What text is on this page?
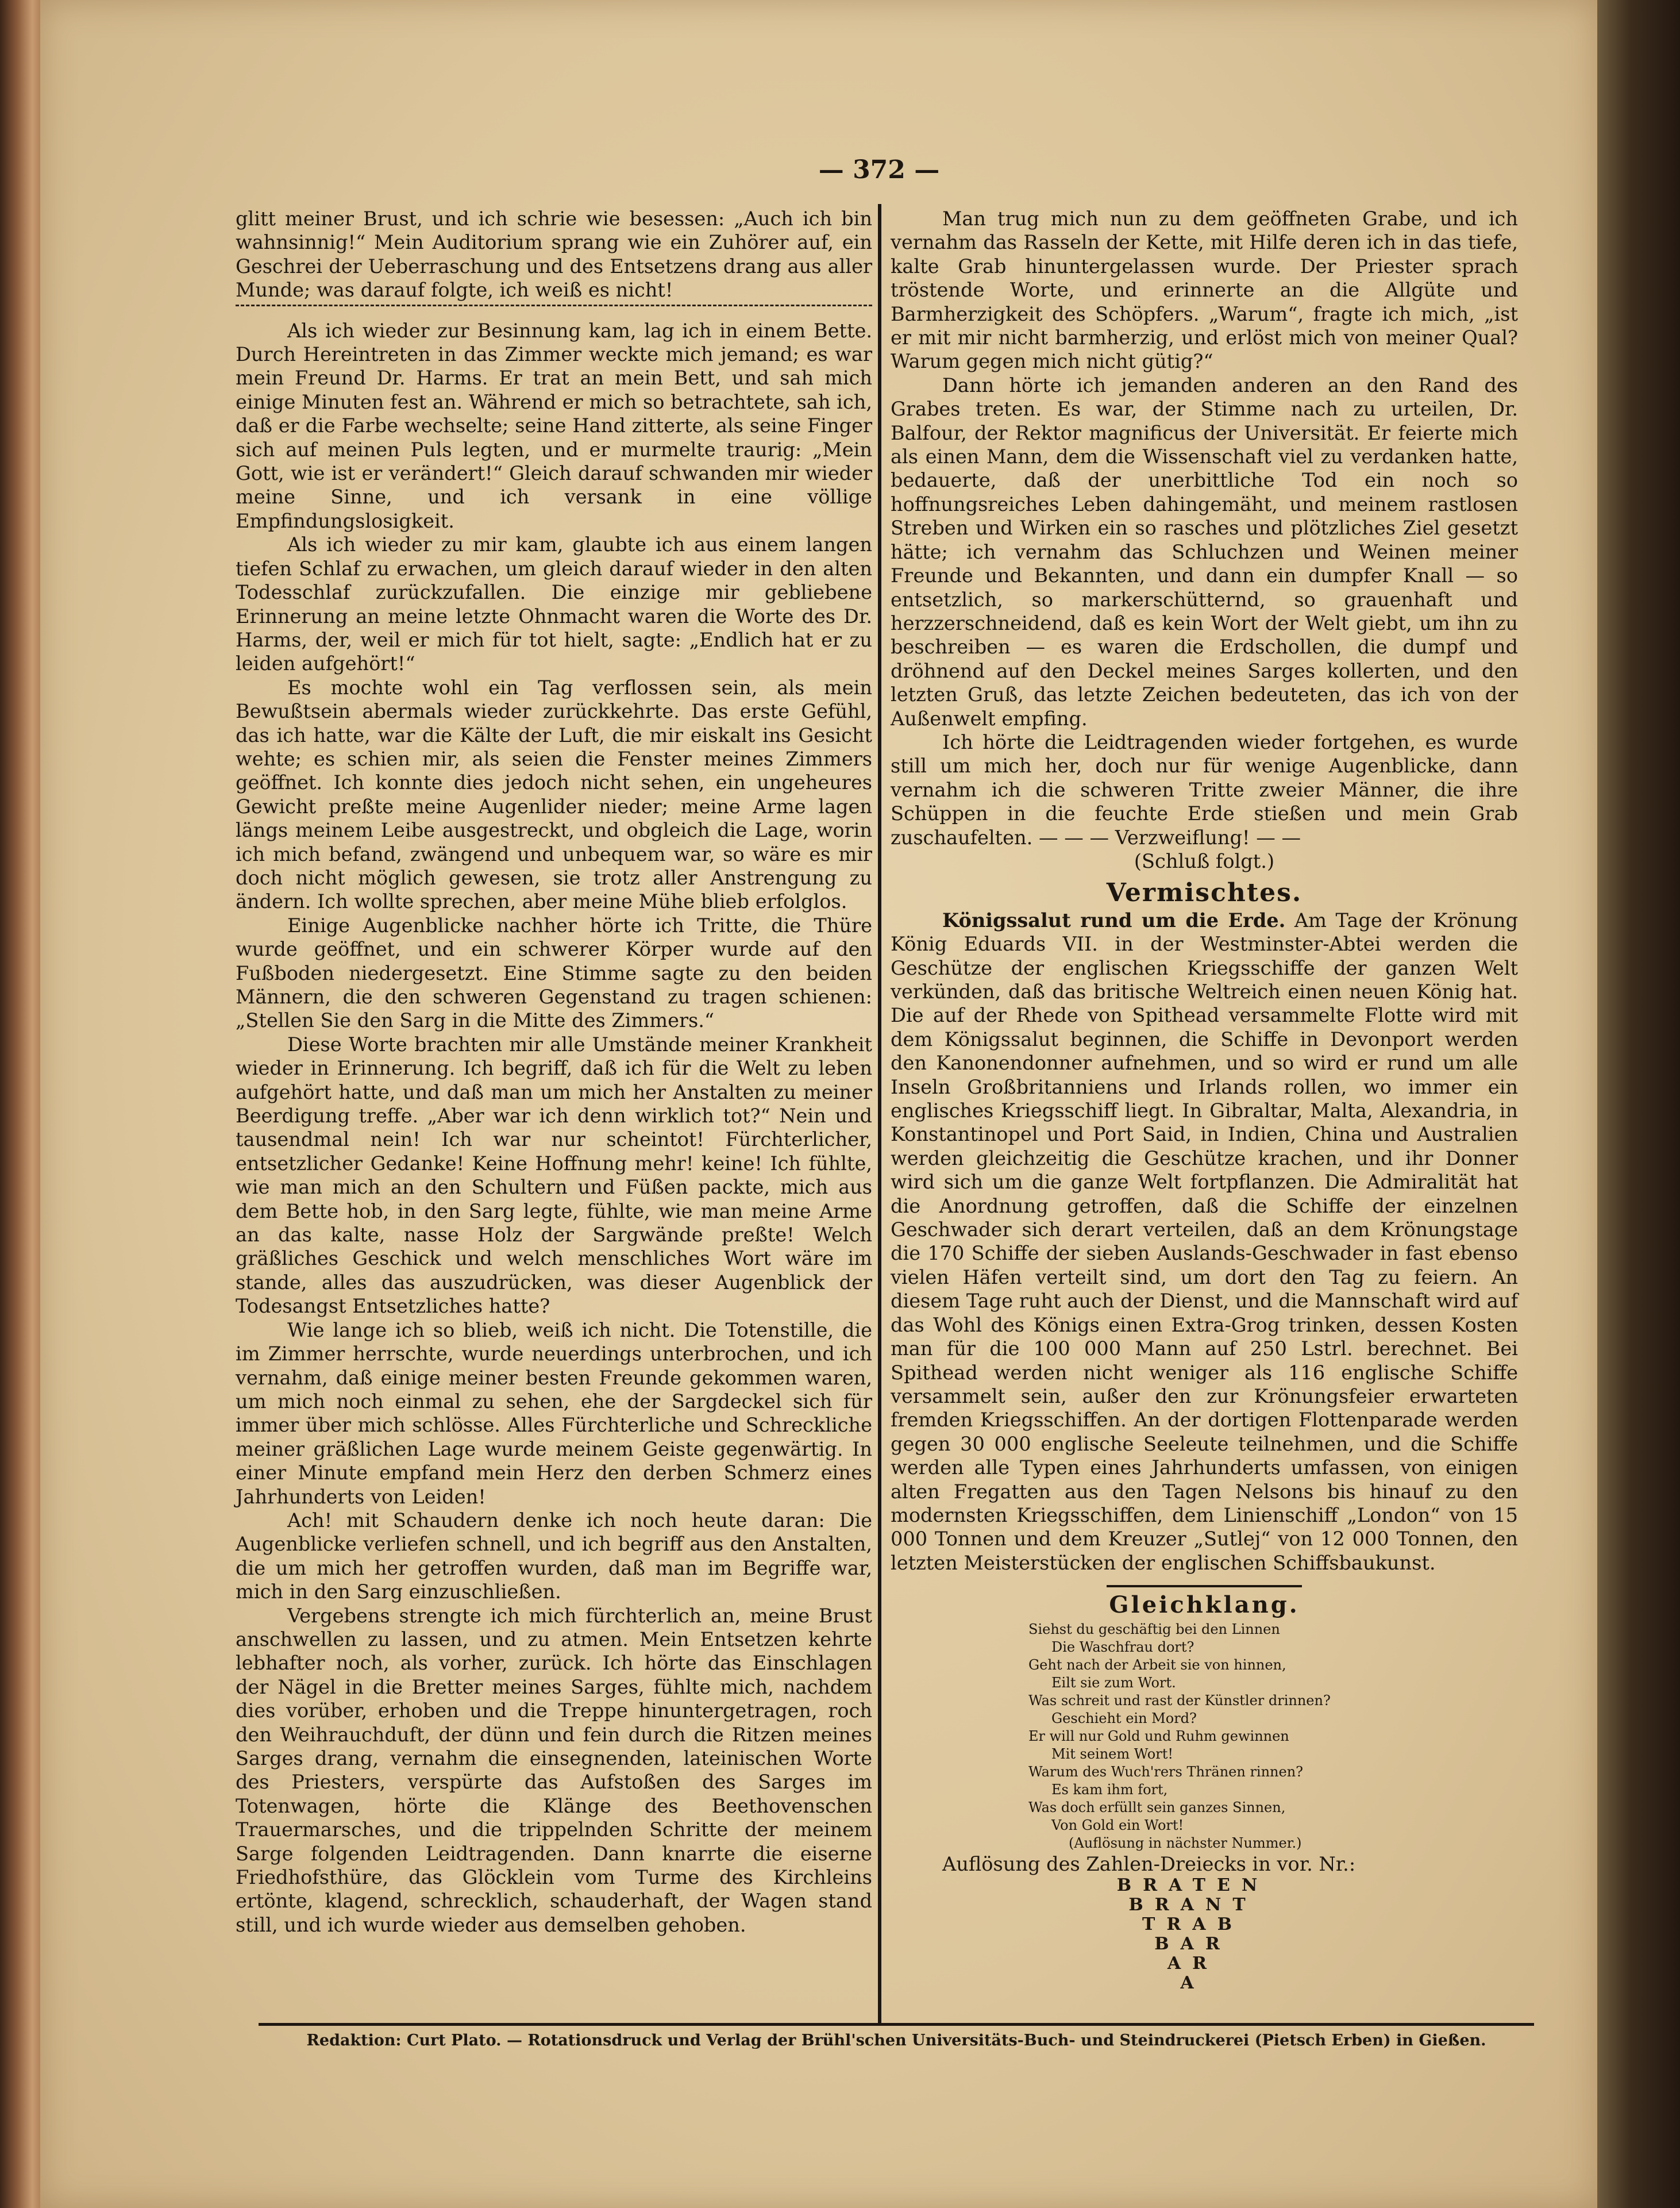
— 372 —

glitt meiner Brust, und ich schrie wie besessen: „Auch ich bin wahnsinnig!“ Mein Auditorium sprang wie ein Zuhörer auf, ein Geschrei der Ueberraschung und des Entsetzens drang aus aller Munde; was darauf folgte, ich weiß es nicht!

Als ich wieder zur Besinnung kam, lag ich in einem Bette. Durch Hereintreten in das Zimmer weckte mich jemand; es war mein Freund Dr. Harms. Er trat an mein Bett, und sah mich einige Minuten fest an. Während er mich so betrachtete, sah ich, daß er die Farbe wechselte; seine Hand zitterte, als seine Finger sich auf meinen Puls legten, und er murmelte traurig: „Mein Gott, wie ist er verändert!“ Gleich darauf schwanden mir wieder meine Sinne, und ich versank in eine völlige Empfindungslosigkeit.

Als ich wieder zu mir kam, glaubte ich aus einem langen tiefen Schlaf zu erwachen, um gleich darauf wieder in den alten Todesschlaf zurückzufallen. Die einzige mir gebliebene Erinnerung an meine letzte Ohnmacht waren die Worte des Dr. Harms, der, weil er mich für tot hielt, sagte: „Endlich hat er zu leiden aufgehört!“

Es mochte wohl ein Tag verflossen sein, als mein Bewußtsein abermals wieder zurückkehrte. Das erste Gefühl, das ich hatte, war die Kälte der Luft, die mir eiskalt ins Gesicht wehte; es schien mir, als seien die Fenster meines Zimmers geöffnet. Ich konnte dies jedoch nicht sehen, ein ungeheures Gewicht preßte meine Augenlider nieder; meine Arme lagen längs meinem Leibe ausgestreckt, und obgleich die Lage, worin ich mich befand, zwängend und unbequem war, so wäre es mir doch nicht möglich gewesen, sie trotz aller Anstrengung zu ändern. Ich wollte sprechen, aber meine Mühe blieb erfolglos.

Einige Augenblicke nachher hörte ich Tritte, die Thüre wurde geöffnet, und ein schwerer Körper wurde auf den Fußboden niedergesetzt. Eine Stimme sagte zu den beiden Männern, die den schweren Gegenstand zu tragen schienen: „Stellen Sie den Sarg in die Mitte des Zimmers.“

Diese Worte brachten mir alle Umstände meiner Krankheit wieder in Erinnerung. Ich begriff, daß ich für die Welt zu leben aufgehört hatte, und daß man um mich her Anstalten zu meiner Beerdigung treffe. „Aber war ich denn wirklich tot?“ Nein und tausendmal nein! Ich war nur scheintot! Fürchterlicher, entsetzlicher Gedanke! Keine Hoffnung mehr! keine! Ich fühlte, wie man mich an den Schultern und Füßen packte, mich aus dem Bette hob, in den Sarg legte, fühlte, wie man meine Arme an das kalte, nasse Holz der Sargwände preßte! Welch gräßliches Geschick und welch menschliches Wort wäre im stande, alles das auszudrücken, was dieser Augenblick der Todesangst Entsetzliches hatte?

Wie lange ich so blieb, weiß ich nicht. Die Totenstille, die im Zimmer herrschte, wurde neuerdings unterbrochen, und ich vernahm, daß einige meiner besten Freunde gekommen waren, um mich noch einmal zu sehen, ehe der Sargdeckel sich für immer über mich schlösse. Alles Fürchterliche und Schreckliche meiner gräßlichen Lage wurde meinem Geiste gegenwärtig. In einer Minute empfand mein Herz den derben Schmerz eines Jahrhunderts von Leiden!

Ach! mit Schaudern denke ich noch heute daran: Die Augenblicke verliefen schnell, und ich begriff aus den Anstalten, die um mich her getroffen wurden, daß man im Begriffe war, mich in den Sarg einzuschließen.

Vergebens strengte ich mich fürchterlich an, meine Brust anschwellen zu lassen, und zu atmen. Mein Entsetzen kehrte lebhafter noch, als vorher, zurück. Ich hörte das Einschlagen der Nägel in die Bretter meines Sarges, fühlte mich, nachdem dies vorüber, erhoben und die Treppe hinuntergetragen, roch den Weihrauchduft, der dünn und fein durch die Ritzen meines Sarges drang, vernahm die einsegnenden, lateinischen Worte des Priesters, verspürte das Aufstoßen des Sarges im Totenwagen, hörte die Klänge des Beethovenschen Trauermarsches, und die trippelnden Schritte der meinem Sarge folgenden Leidtragenden. Dann knarrte die eiserne Friedhofsthüre, das Glöcklein vom Turme des Kirchleins ertönte, klagend, schrecklich, schauderhaft, der Wagen stand still, und ich wurde wieder aus demselben gehoben.

Man trug mich nun zu dem geöffneten Grabe, und ich vernahm das Rasseln der Kette, mit Hilfe deren ich in das tiefe, kalte Grab hinuntergelassen wurde. Der Priester sprach tröstende Worte, und erinnerte an die Allgüte und Barmherzigkeit des Schöpfers. „Warum“, fragte ich mich, „ist er mit mir nicht barmherzig, und erlöst mich von meiner Qual? Warum gegen mich nicht gütig?“

Dann hörte ich jemanden anderen an den Rand des Grabes treten. Es war, der Stimme nach zu urteilen, Dr. Balfour, der Rektor magnificus der Universität. Er feierte mich als einen Mann, dem die Wissenschaft viel zu verdanken hatte, bedauerte, daß der unerbittliche Tod ein noch so hoffnungsreiches Leben dahingemäht, und meinem rastlosen Streben und Wirken ein so rasches und plötzliches Ziel gesetzt hätte; ich vernahm das Schluchzen und Weinen meiner Freunde und Bekannten, und dann ein dumpfer Knall — so entsetzlich, so markerschütternd, so grauenhaft und herzzerschneidend, daß es kein Wort der Welt giebt, um ihn zu beschreiben — es waren die Erdschollen, die dumpf und dröhnend auf den Deckel meines Sarges kollerten, und den letzten Gruß, das letzte Zeichen bedeuteten, das ich von der Außenwelt empfing.

Ich hörte die Leidtragenden wieder fortgehen, es wurde still um mich her, doch nur für wenige Augenblicke, dann vernahm ich die schweren Tritte zweier Männer, die ihre Schüppen in die feuchte Erde stießen und mein Grab zuschaufelten. — — — Verzweiflung! — —

(Schluß folgt.)

Vermischtes.

Königssalut rund um die Erde. Am Tage der Krönung König Eduards VII. in der Westminster-Abtei werden die Geschütze der englischen Kriegsschiffe der ganzen Welt verkünden, daß das britische Weltreich einen neuen König hat. Die auf der Rhede von Spithead versammelte Flotte wird mit dem Königssalut beginnen, die Schiffe in Devonport werden den Kanonendonner aufnehmen, und so wird er rund um alle Inseln Großbritanniens und Irlands rollen, wo immer ein englisches Kriegsschiff liegt. In Gibraltar, Malta, Alexandria, in Konstantinopel und Port Said, in Indien, China und Australien werden gleichzeitig die Geschütze krachen, und ihr Donner wird sich um die ganze Welt fortpflanzen. Die Admiralität hat die Anordnung getroffen, daß die Schiffe der einzelnen Geschwader sich derart verteilen, daß an dem Krönungstage die 170 Schiffe der sieben Auslands-Geschwader in fast ebenso vielen Häfen verteilt sind, um dort den Tag zu feiern. An diesem Tage ruht auch der Dienst, und die Mannschaft wird auf das Wohl des Königs einen Extra-Grog trinken, dessen Kosten man für die 100 000 Mann auf 250 Lstrl. berechnet. Bei Spithead werden nicht weniger als 116 englische Schiffe versammelt sein, außer den zur Krönungsfeier erwarteten fremden Kriegsschiffen. An der dortigen Flottenparade werden gegen 30 000 englische Seeleute teilnehmen, und die Schiffe werden alle Typen eines Jahrhunderts umfassen, von einigen alten Fregatten aus den Tagen Nelsons bis hinauf zu den modernsten Kriegsschiffen, dem Linienschiff „London“ von 15 000 Tonnen und dem Kreuzer „Sutlej“ von 12 000 Tonnen, den letzten Meisterstücken der englischen Schiffsbaukunst.

Gleichklang.
Siehst du geschäftig bei den Linnen
Die Waschfrau dort?
Geht nach der Arbeit sie von hinnen,
Eilt sie zum Wort.
Was schreit und rast der Künstler drinnen?
Geschieht ein Mord?
Er will nur Gold und Ruhm gewinnen
Mit seinem Wort!
Warum des Wuch'rers Thränen rinnen?
Es kam ihm fort,
Was doch erfüllt sein ganzes Sinnen,
Von Gold ein Wort!
(Auflösung in nächster Nummer.)

Auflösung des Zahlen-Dreiecks in vor. Nr.:

BRATEN
BRANT
TRAB
BAR
AR
A
Redaktion: Curt Plato. — Rotationsdruck und Verlag der Brühl'schen Universitäts-Buch- und Steindruckerei (Pietsch Erben) in Gießen.
